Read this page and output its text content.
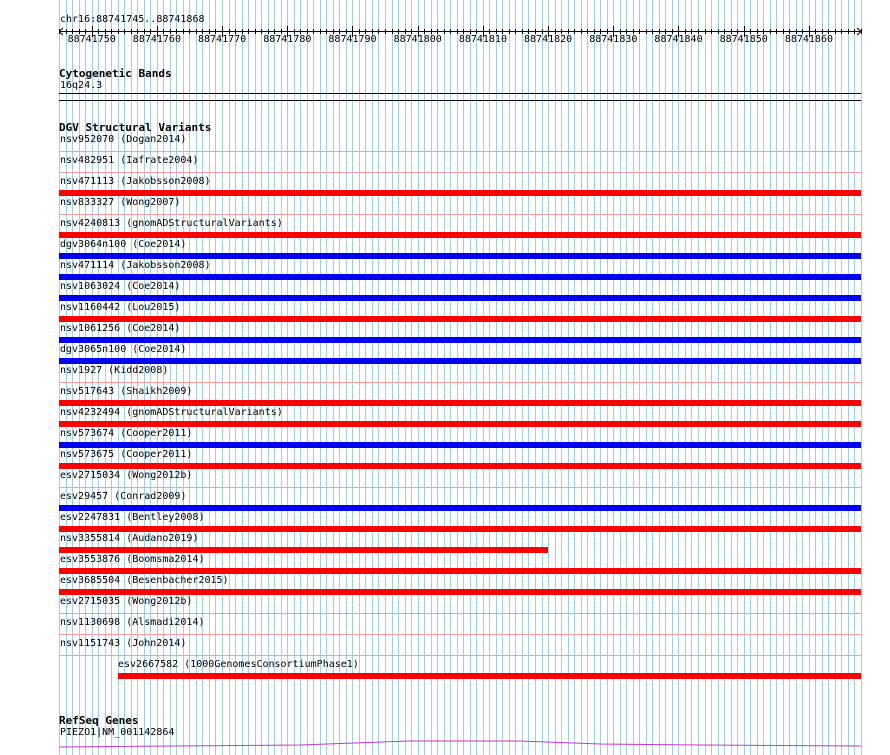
chr16:88741745..88741868
88741750 88741760 88741770 88741780 88741790 88741800 88741810 88741820 88741830 88741840 88741850 88741860
Cytogenetic Bands
16q24.3
DGV Structural Variants
nsv952070 (Dogan2014)
nsv482951 (Iafrate2004)
nsv471113 (Jakobsson2008)
nsv833327 (Wong2007)
nsv4240813 (gnomADStructuralVariants)
dgv3064n100 (Coe2014)
nsv471114 (Jakobsson2008)
nsv1063024 (Coe2014)
nsv1160442 (Lou2015)
nsv1061256 (Coe2014)
dgv3065n100 (Coe2014)
nsv1927 (Kidd2008)
nsv517643 (Shaikh2009)
nsv4232494 (gnomADStructuralVariants)
nsv573674 (Cooper2011)
nsv573675 (Cooper2011)
esv2715034 (Wong2012b)
esv29457 (Conrad2009)
esv2247831 (Bentley2008)
nsv3355814 (Audano2019)
esv3553876 (Boomsma2014)
esv3685504 (Besenbacher2015)
esv2715035 (Wong2012b)
nsv1130698 (Alsmadi2014)
nsv1151743 (John2014)
esv2667582 (1000GenomesConsortiumPhase1)
RefSeq Genes
PIEZO1|NM_001142864
